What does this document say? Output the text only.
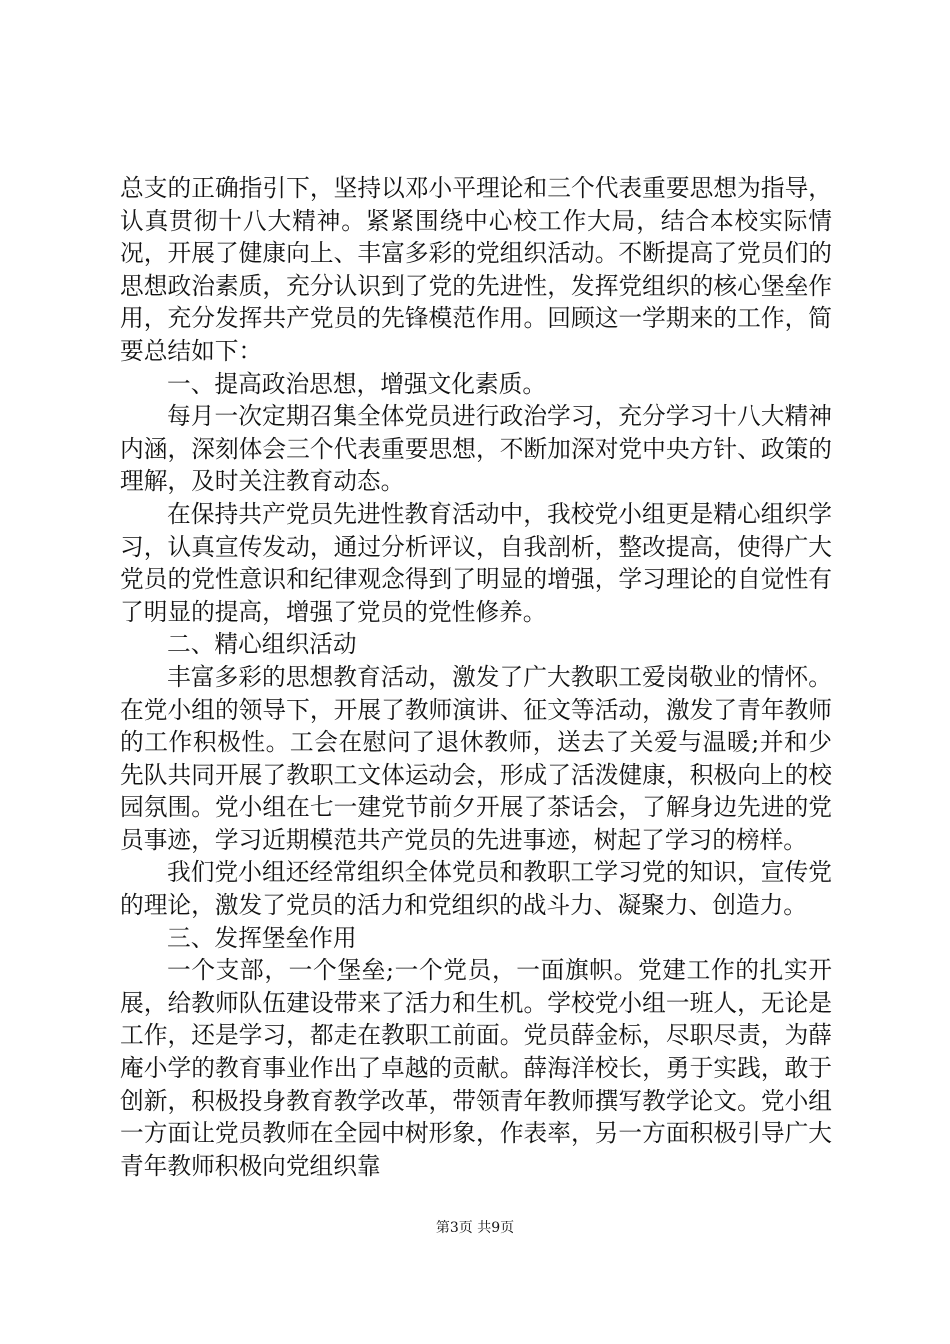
总支的正确指引下，坚持以邓小平理论和三个代表重要思想为指导，认真贯彻十八大精神。紧紧围绕中心校工作大局，结合本校实际情况，开展了健康向上、丰富多彩的党组织活动。不断提高了党员们的思想政治素质，充分认识到了党的先进性，发挥党组织的核心堡垒作用，充分发挥共产党员的先锋模范作用。回顾这一学期来的工作，简要总结如下：

一、提高政治思想，增强文化素质。

每月一次定期召集全体党员进行政治学习，充分学习十八大精神内涵，深刻体会三个代表重要思想，不断加深对党中央方针、政策的理解，及时关注教育动态。

在保持共产党员先进性教育活动中，我校党小组更是精心组织学习，认真宣传发动，通过分析评议，自我剖析，整改提高，使得广大党员的党性意识和纪律观念得到了明显的增强，学习理论的自觉性有了明显的提高，增强了党员的党性修养。

二、精心组织活动

丰富多彩的思想教育活动，激发了广大教职工爱岗敬业的情怀。在党小组的领导下，开展了教师演讲、征文等活动，激发了青年教师的工作积极性。工会在慰问了退休教师，送去了关爱与温暖;并和少先队共同开展了教职工文体运动会，形成了活泼健康，积极向上的校园氛围。党小组在七一建党节前夕开展了茶话会，了解身边先进的党员事迹，学习近期模范共产党员的先进事迹，树起了学习的榜样。

我们党小组还经常组织全体党员和教职工学习党的知识，宣传党的理论，激发了党员的活力和党组织的战斗力、凝聚力、创造力。

三、发挥堡垒作用

一个支部，一个堡垒;一个党员，一面旗帜。党建工作的扎实开展，给教师队伍建设带来了活力和生机。学校党小组一班人，无论是工作，还是学习，都走在教职工前面。党员薛金标，尽职尽责，为薛庵小学的教育事业作出了卓越的贡献。薛海洋校长，勇于实践，敢于创新，积极投身教育教学改革，带领青年教师撰写教学论文。党小组一方面让党员教师在全园中树形象，作表率，另一方面积极引导广大青年教师积极向党组织靠

第3页 共9页
